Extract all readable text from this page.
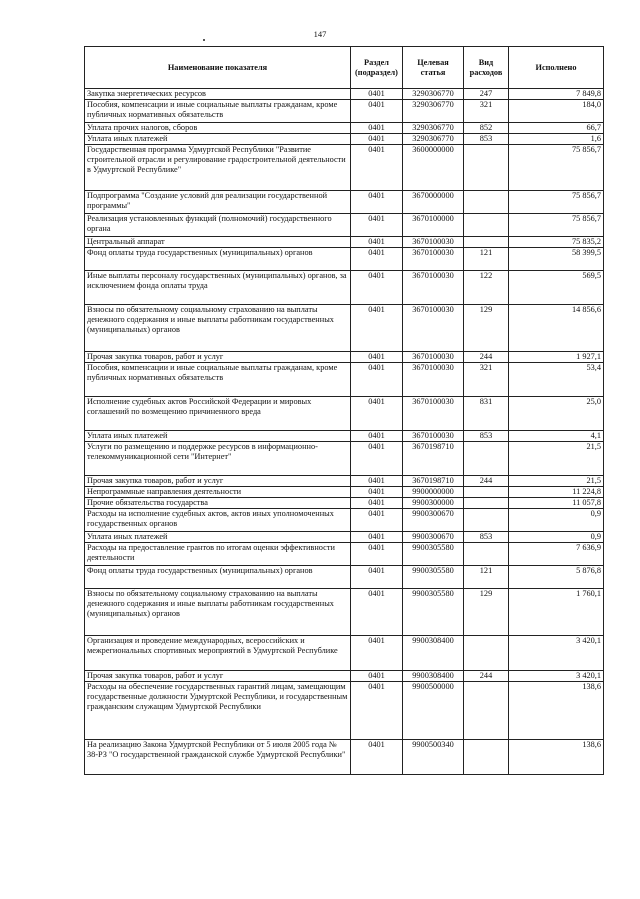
147
Наименование показателя	Раздел (подраздел)	Целевая статья	Вид расходов	Исполнено
Закупка энергетических ресурсов	0401	3290306770	247	7 849,8
Пособия, компенсации и иные социальные выплаты гражданам, кроме публичных нормативных обязательств	0401	3290306770	321	184,0
Уплата прочих налогов, сборов	0401	3290306770	852	66,7
Уплата иных платежей	0401	3290306770	853	1,6
Государственная программа Удмуртской Республики "Развитие строительной отрасли и регулирование градостроительной деятельности в Удмуртской Республике"	0401	3600000000		75 856,7
Подпрограмма "Создание условий для реализации государственной программы"	0401	3670000000		75 856,7
Реализация установленных функций (полномочий) государственного органа	0401	3670100000		75 856,7
Центральный аппарат	0401	3670100030		75 835,2
Фонд оплаты труда государственных (муниципальных) органов	0401	3670100030	121	58 399,5
Иные выплаты персоналу государственных (муниципальных) органов, за исключением фонда оплаты труда	0401	3670100030	122	569,5
Взносы по обязательному социальному страхованию на выплаты денежного содержания и иные выплаты работникам государственных (муниципальных) органов	0401	3670100030	129	14 856,6
Прочая закупка товаров, работ и услуг	0401	3670100030	244	1 927,1
Пособия, компенсации и иные социальные выплаты гражданам, кроме публичных нормативных обязательств	0401	3670100030	321	53,4
Исполнение судебных актов Российской Федерации и мировых соглашений по возмещению причиненного вреда	0401	3670100030	831	25,0
Уплата иных платежей	0401	3670100030	853	4,1
Услуги по размещению и поддержке ресурсов в информационно-телекоммуникационной сети "Интернет"	0401	3670198710		21,5
Прочая закупка товаров, работ и услуг	0401	3670198710	244	21,5
Непрограммные направления деятельности	0401	9900000000		11 224,8
Прочие обязательства государства	0401	9900300000		11 057,8
Расходы на исполнение судебных актов, актов иных уполномоченных государственных органов	0401	9900300670		0,9
Уплата иных платежей	0401	9900300670	853	0,9
Расходы на предоставление грантов по итогам оценки эффективности деятельности	0401	9900305580		7 636,9
Фонд оплаты труда государственных (муниципальных) органов	0401	9900305580	121	5 876,8
Взносы по обязательному социальному страхованию на выплаты денежного содержания и иные выплаты работникам государственных (муниципальных) органов	0401	9900305580	129	1 760,1
Организация и проведение международных, всероссийских и межрегиональных спортивных мероприятий в Удмуртской Республике	0401	9900308400		3 420,1
Прочая закупка товаров, работ и услуг	0401	9900308400	244	3 420,1
Расходы на обеспечение государственных гарантий лицам, замещающим государственные должности Удмуртской Республики, и государственным гражданским служащим Удмуртской Республики	0401	9900500000		138,6
На реализацию Закона Удмуртской Республики от 5 июля 2005 года № 38-РЗ "О государственной гражданской службе Удмуртской Республики"	0401	9900500340		138,6
